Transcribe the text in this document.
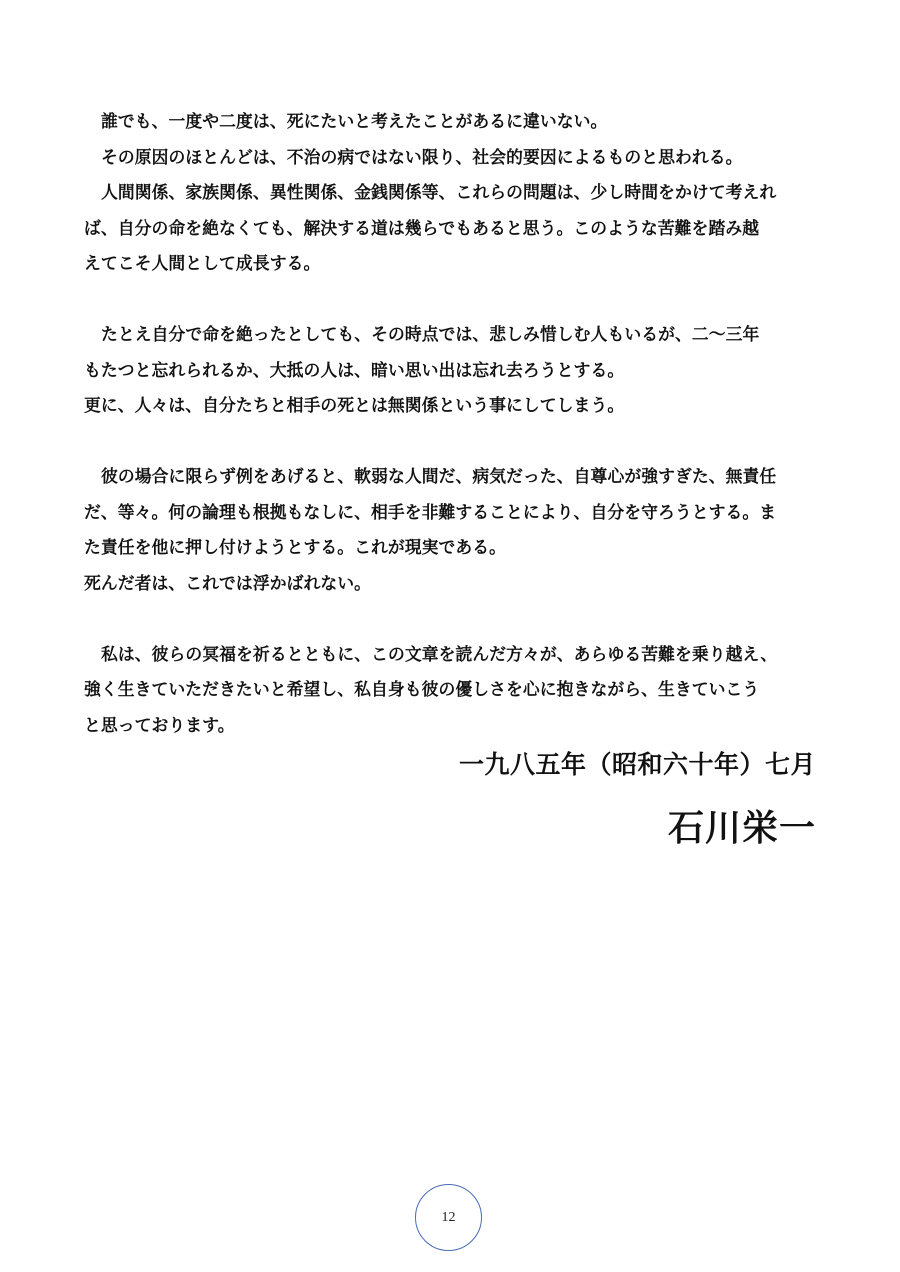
誰でも、一度や二度は、死にたいと考えたことがあるに違いない。
その原因のほとんどは、不治の病ではない限り、社会的要因によるものと思われる。
人間関係、家族関係、異性関係、金銭関係等、これらの問題は、少し時間をかけて考えれ
ば、自分の命を絶なくても、解決する道は幾らでもあると思う。このような苦難を踏み越
えてこそ人間として成長する。

たとえ自分で命を絶ったとしても、その時点では、悲しみ惜しむ人もいるが、二〜三年
もたつと忘れられるか、大抵の人は、暗い思い出は忘れ去ろうとする。
更に、人々は、自分たちと相手の死とは無関係という事にしてしまう。

彼の場合に限らず例をあげると、軟弱な人間だ、病気だった、自尊心が強すぎた、無責任
だ、等々。何の論理も根拠もなしに、相手を非難することにより、自分を守ろうとする。ま
た責任を他に押し付けようとする。これが現実である。
死んだ者は、これでは浮かばれない。

私は、彼らの冥福を祈るとともに、この文章を読んだ方々が、あらゆる苦難を乗り越え、
強く生きていただきたいと希望し、私自身も彼の優しさを心に抱きながら、生きていこう
と思っております。

一九八五年（昭和六十年）七月
石川栄一
12
